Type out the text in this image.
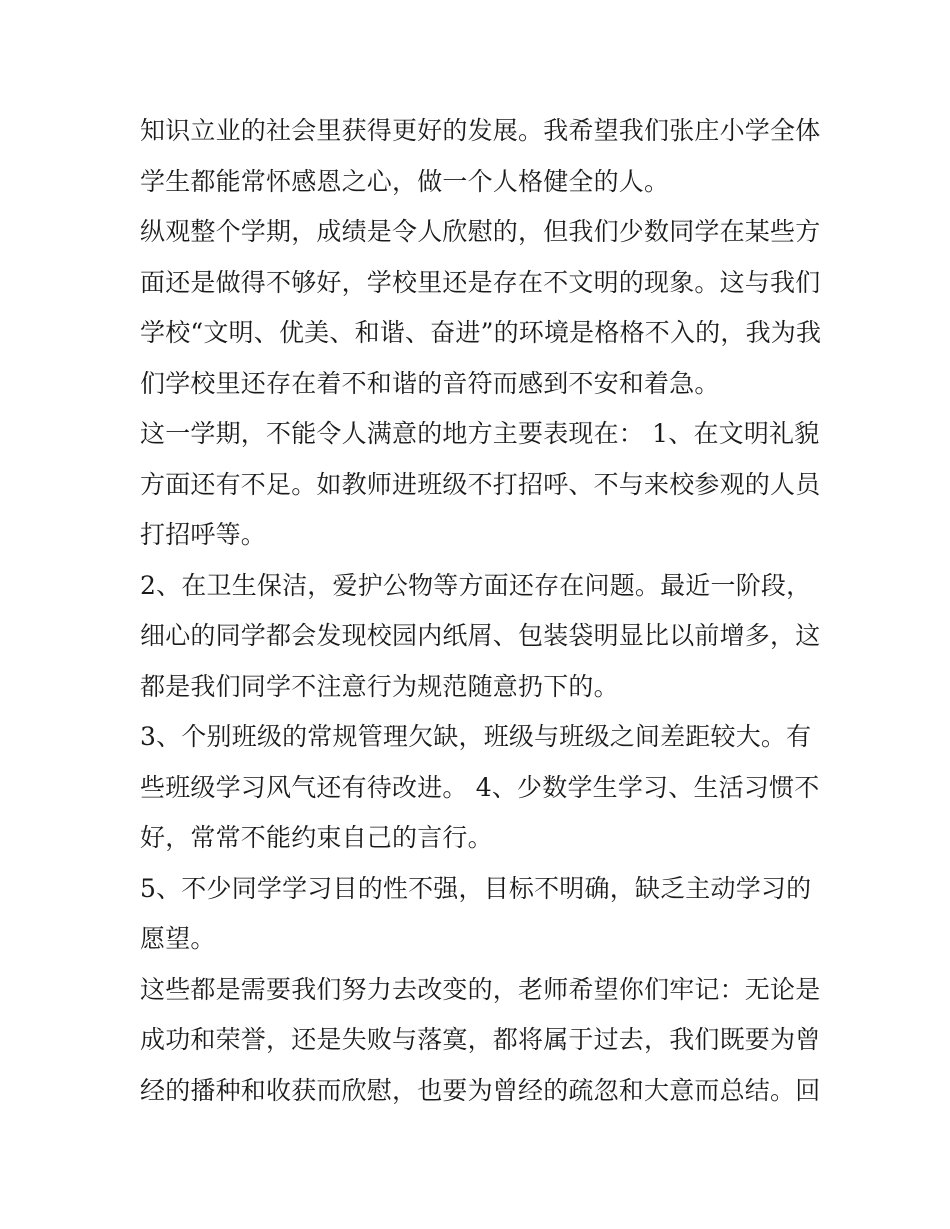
知识立业的社会里获得更好的发展。我希望我们张庄小学全体
学生都能常怀感恩之心，做一个人格健全的人。
纵观整个学期，成绩是令人欣慰的，但我们少数同学在某些方
面还是做得不够好，学校里还是存在不文明的现象。这与我们
学校“文明、优美、和谐、奋进”的环境是格格不入的，我为我
们学校里还存在着不和谐的音符而感到不安和着急。
这一学期，不能令人满意的地方主要表现在： 1、在文明礼貌
方面还有不足。如教师进班级不打招呼、不与来校参观的人员
打招呼等。
2、在卫生保洁，爱护公物等方面还存在问题。最近一阶段，
细心的同学都会发现校园内纸屑、包装袋明显比以前增多，这
都是我们同学不注意行为规范随意扔下的。
3、个别班级的常规管理欠缺，班级与班级之间差距较大。有
些班级学习风气还有待改进。 4、少数学生学习、生活习惯不
好，常常不能约束自己的言行。
5、不少同学学习目的性不强，目标不明确，缺乏主动学习的
愿望。
这些都是需要我们努力去改变的，老师希望你们牢记：无论是
成功和荣誉，还是失败与落寞，都将属于过去，我们既要为曾
经的播种和收获而欣慰，也要为曾经的疏忽和大意而总结。回
